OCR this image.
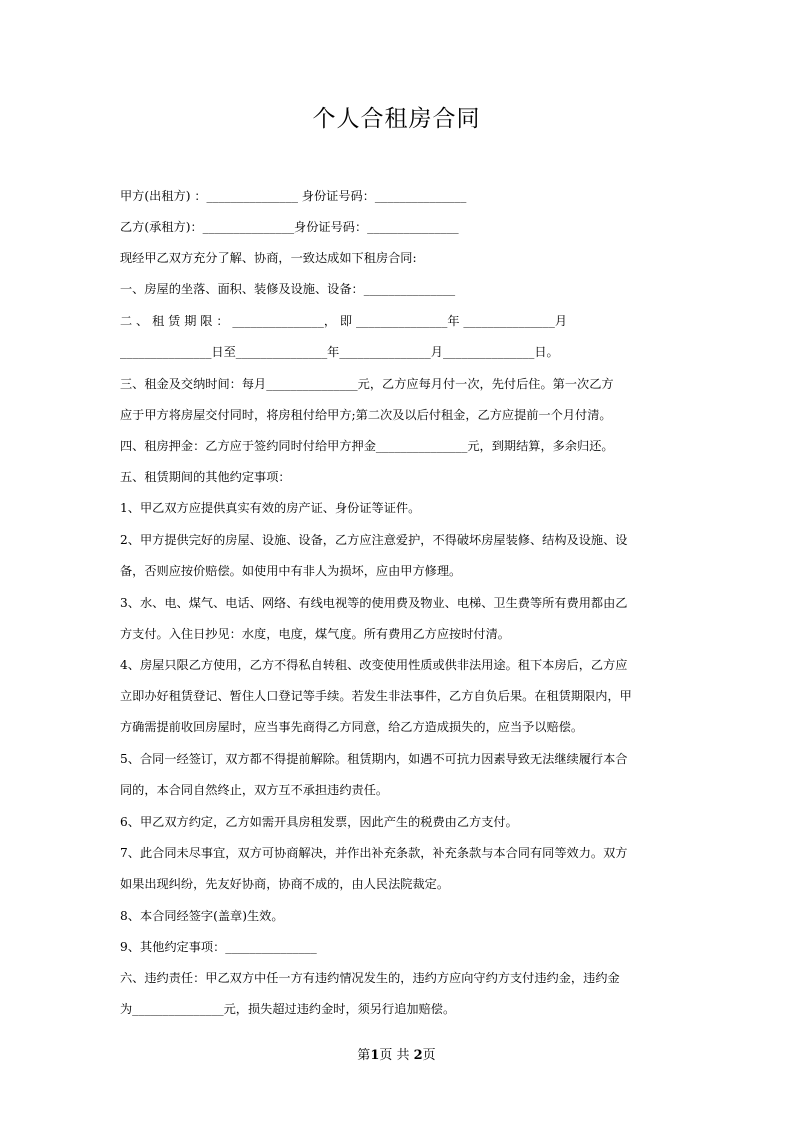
个人合租房合同
甲方(出租方) ：_______________ 身份证号码：_______________
乙方(承租方)：_______________身份证号码：_______________
现经甲乙双方充分了解、协商，一致达成如下租房合同:
一、房屋的坐落、面积、装修及设施、设备：_______________
二 、 租 赁 期 限 ： _______________， 即 _______________年 _______________月
_______________日至_______________年_______________月_______________日。
三、租金及交纳时间：每月_______________元，乙方应每月付一次，先付后住。第一次乙方
应于甲方将房屋交付同时，将房租付给甲方;第二次及以后付租金，乙方应提前一个月付清。
四、租房押金：乙方应于签约同时付给甲方押金_______________元，到期结算，多余归还。
五、租赁期间的其他约定事项：
1、甲乙双方应提供真实有效的房产证、身份证等证件。
2、甲方提供完好的房屋、设施、设备，乙方应注意爱护，不得破坏房屋装修、结构及设施、设
备，否则应按价赔偿。如使用中有非人为损坏，应由甲方修理。
3、水、电、煤气、电话、网络、有线电视等的使用费及物业、电梯、卫生费等所有费用都由乙
方支付。入住日抄见：水度，电度，煤气度。所有费用乙方应按时付清。
4、房屋只限乙方使用，乙方不得私自转租、改变使用性质或供非法用途。租下本房后，乙方应
立即办好租赁登记、暂住人口登记等手续。若发生非法事件，乙方自负后果。在租赁期限内，甲
方确需提前收回房屋时，应当事先商得乙方同意，给乙方造成损失的，应当予以赔偿。
5、合同一经签订，双方都不得提前解除。租赁期内，如遇不可抗力因素导致无法继续履行本合
同的，本合同自然终止，双方互不承担违约责任。
6、甲乙双方约定，乙方如需开具房租发票，因此产生的税费由乙方支付。
7、此合同未尽事宜，双方可协商解决，并作出补充条款，补充条款与本合同有同等效力。双方
如果出现纠纷，先友好协商，协商不成的，由人民法院裁定。
8、本合同经签字(盖章)生效。
9、其他约定事项：_______________
六、违约责任：甲乙双方中任一方有违约情况发生的，违约方应向守约方支付违约金，违约金
为_______________元，损失超过违约金时，须另行追加赔偿。
第1页 共 2页
